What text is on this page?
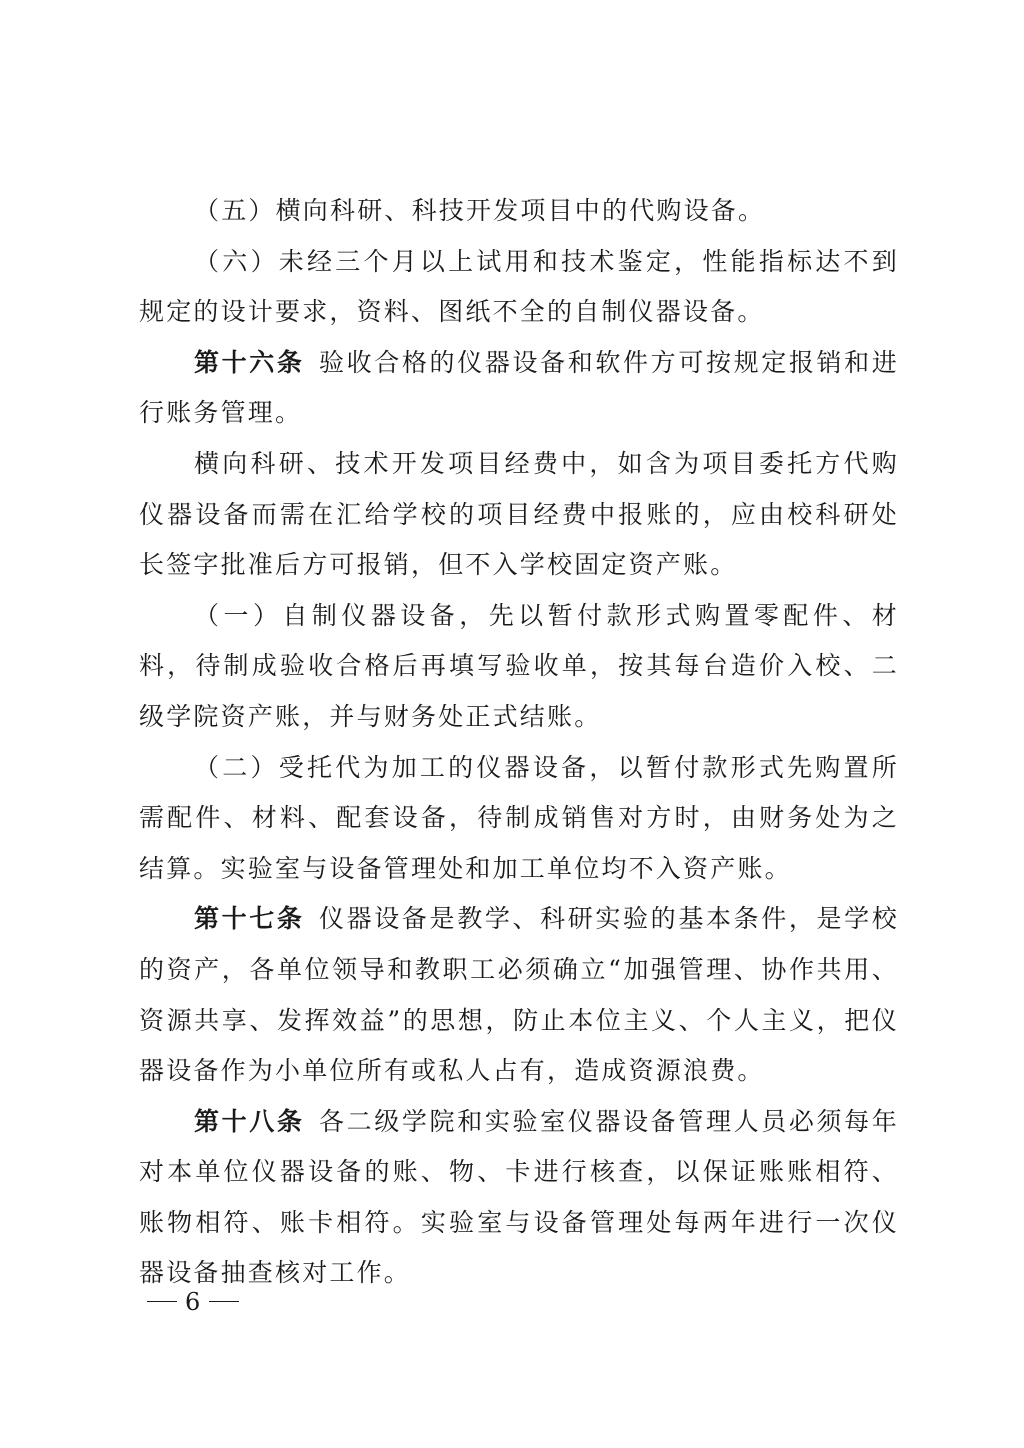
（五）横向科研、科技开发项目中的代购设备。

（六）未经三个月以上试用和技术鉴定，性能指标达不到规定的设计要求，资料、图纸不全的自制仪器设备。

第十六条 验收合格的仪器设备和软件方可按规定报销和进行账务管理。

横向科研、技术开发项目经费中，如含为项目委托方代购仪器设备而需在汇给学校的项目经费中报账的，应由校科研处长签字批准后方可报销，但不入学校固定资产账。

（一）自制仪器设备，先以暂付款形式购置零配件、材料，待制成验收合格后再填写验收单，按其每台造价入校、二级学院资产账，并与财务处正式结账。

（二）受托代为加工的仪器设备，以暂付款形式先购置所需配件、材料、配套设备，待制成销售对方时，由财务处为之结算。实验室与设备管理处和加工单位均不入资产账。

第十七条 仪器设备是教学、科研实验的基本条件，是学校的资产，各单位领导和教职工必须确立“加强管理、协作共用、资源共享、发挥效益”的思想，防止本位主义、个人主义，把仪器设备作为小单位所有或私人占有，造成资源浪费。

第十八条 各二级学院和实验室仪器设备管理人员必须每年对本单位仪器设备的账、物、卡进行核查，以保证账账相符、账物相符、账卡相符。实验室与设备管理处每两年进行一次仪器设备抽查核对工作。

6
